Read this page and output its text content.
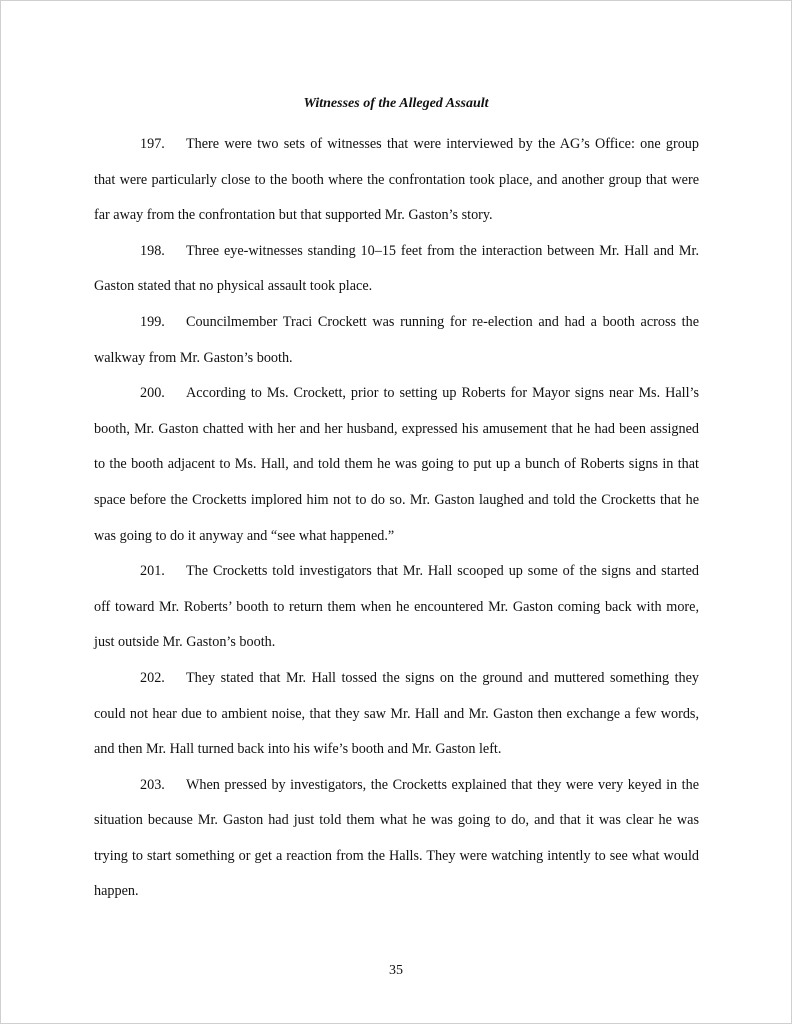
Witnesses of the Alleged Assault

197. There were two sets of witnesses that were interviewed by the AG’s Office: one group that were particularly close to the booth where the confrontation took place, and another group that were far away from the confrontation but that supported Mr. Gaston’s story.

198. Three eye-witnesses standing 10–15 feet from the interaction between Mr. Hall and Mr. Gaston stated that no physical assault took place.

199. Councilmember Traci Crockett was running for re-election and had a booth across the walkway from Mr. Gaston’s booth.

200. According to Ms. Crockett, prior to setting up Roberts for Mayor signs near Ms. Hall’s booth, Mr. Gaston chatted with her and her husband, expressed his amusement that he had been assigned to the booth adjacent to Ms. Hall, and told them he was going to put up a bunch of Roberts signs in that space before the Crocketts implored him not to do so. Mr. Gaston laughed and told the Crocketts that he was going to do it anyway and “see what happened.”

201. The Crocketts told investigators that Mr. Hall scooped up some of the signs and started off toward Mr. Roberts’ booth to return them when he encountered Mr. Gaston coming back with more, just outside Mr. Gaston’s booth.

202. They stated that Mr. Hall tossed the signs on the ground and muttered something they could not hear due to ambient noise, that they saw Mr. Hall and Mr. Gaston then exchange a few words, and then Mr. Hall turned back into his wife’s booth and Mr. Gaston left.

203. When pressed by investigators, the Crocketts explained that they were very keyed in the situation because Mr. Gaston had just told them what he was going to do, and that it was clear he was trying to start something or get a reaction from the Halls. They were watching intently to see what would happen.

35
